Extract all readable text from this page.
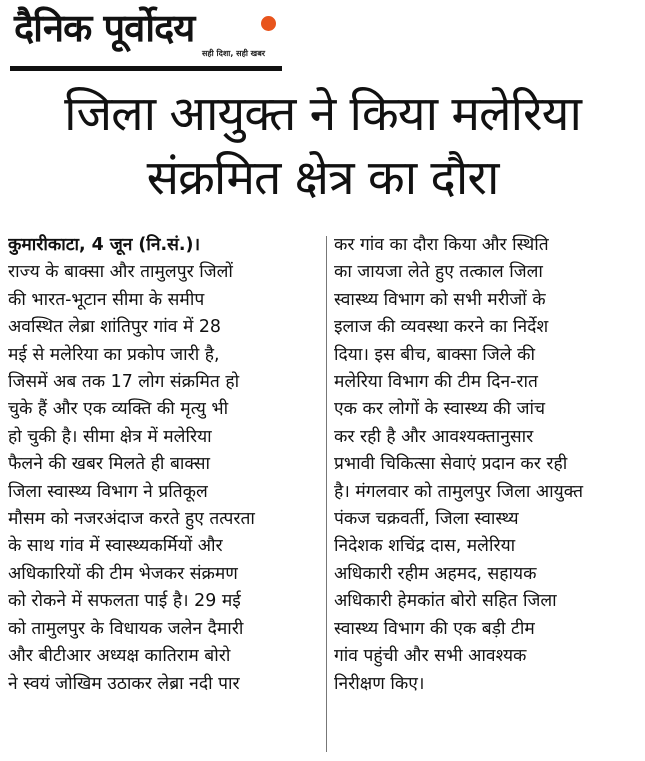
दैनिक पूर्वोदय
सही दिशा, सही खबर
जिला आयुक्त ने किया मलेरिया
संक्रमित क्षेत्र का दौरा
कुमारीकाटा, 4 जून (नि.सं.)।
राज्य के बाक्सा और तामुलपुर जिलों
की भारत-भूटान सीमा के समीप
अवस्थित लेब्रा शांतिपुर गांव में 28
मई से मलेरिया का प्रकोप जारी है,
जिसमें अब तक 17 लोग संक्रमित हो
चुके हैं और एक व्यक्ति की मृत्यु भी
हो चुकी है। सीमा क्षेत्र में मलेरिया
फैलने की खबर मिलते ही बाक्सा
जिला स्वास्थ्य विभाग ने प्रतिकूल
मौसम को नजरअंदाज करते हुए तत्परता
के साथ गांव में स्वास्थ्यकर्मियों और
अधिकारियों की टीम भेजकर संक्रमण
को रोकने में सफलता पाई है। 29 मई
को तामुलपुर के विधायक जलेन दैमारी
और बीटीआर अध्यक्ष कातिराम बोरो
ने स्वयं जोखिम उठाकर लेब्रा नदी पार
कर गांव का दौरा किया और स्थिति
का जायजा लेते हुए तत्काल जिला
स्वास्थ्य विभाग को सभी मरीजों के
इलाज की व्यवस्था करने का निर्देश
दिया। इस बीच, बाक्सा जिले की
मलेरिया विभाग की टीम दिन-रात
एक कर लोगों के स्वास्थ्य की जांच
कर रही है और आवश्यक्तानुसार
प्रभावी चिकित्सा सेवाएं प्रदान कर रही
है। मंगलवार को तामुलपुर जिला आयुक्त
पंकज चक्रवर्ती, जिला स्वास्थ्य
निदेशक शचिंद्र दास, मलेरिया
अधिकारी रहीम अहमद, सहायक
अधिकारी हेमकांत बोरो सहित जिला
स्वास्थ्य विभाग की एक बड़ी टीम
गांव पहुंची और सभी आवश्यक
निरीक्षण किए।
